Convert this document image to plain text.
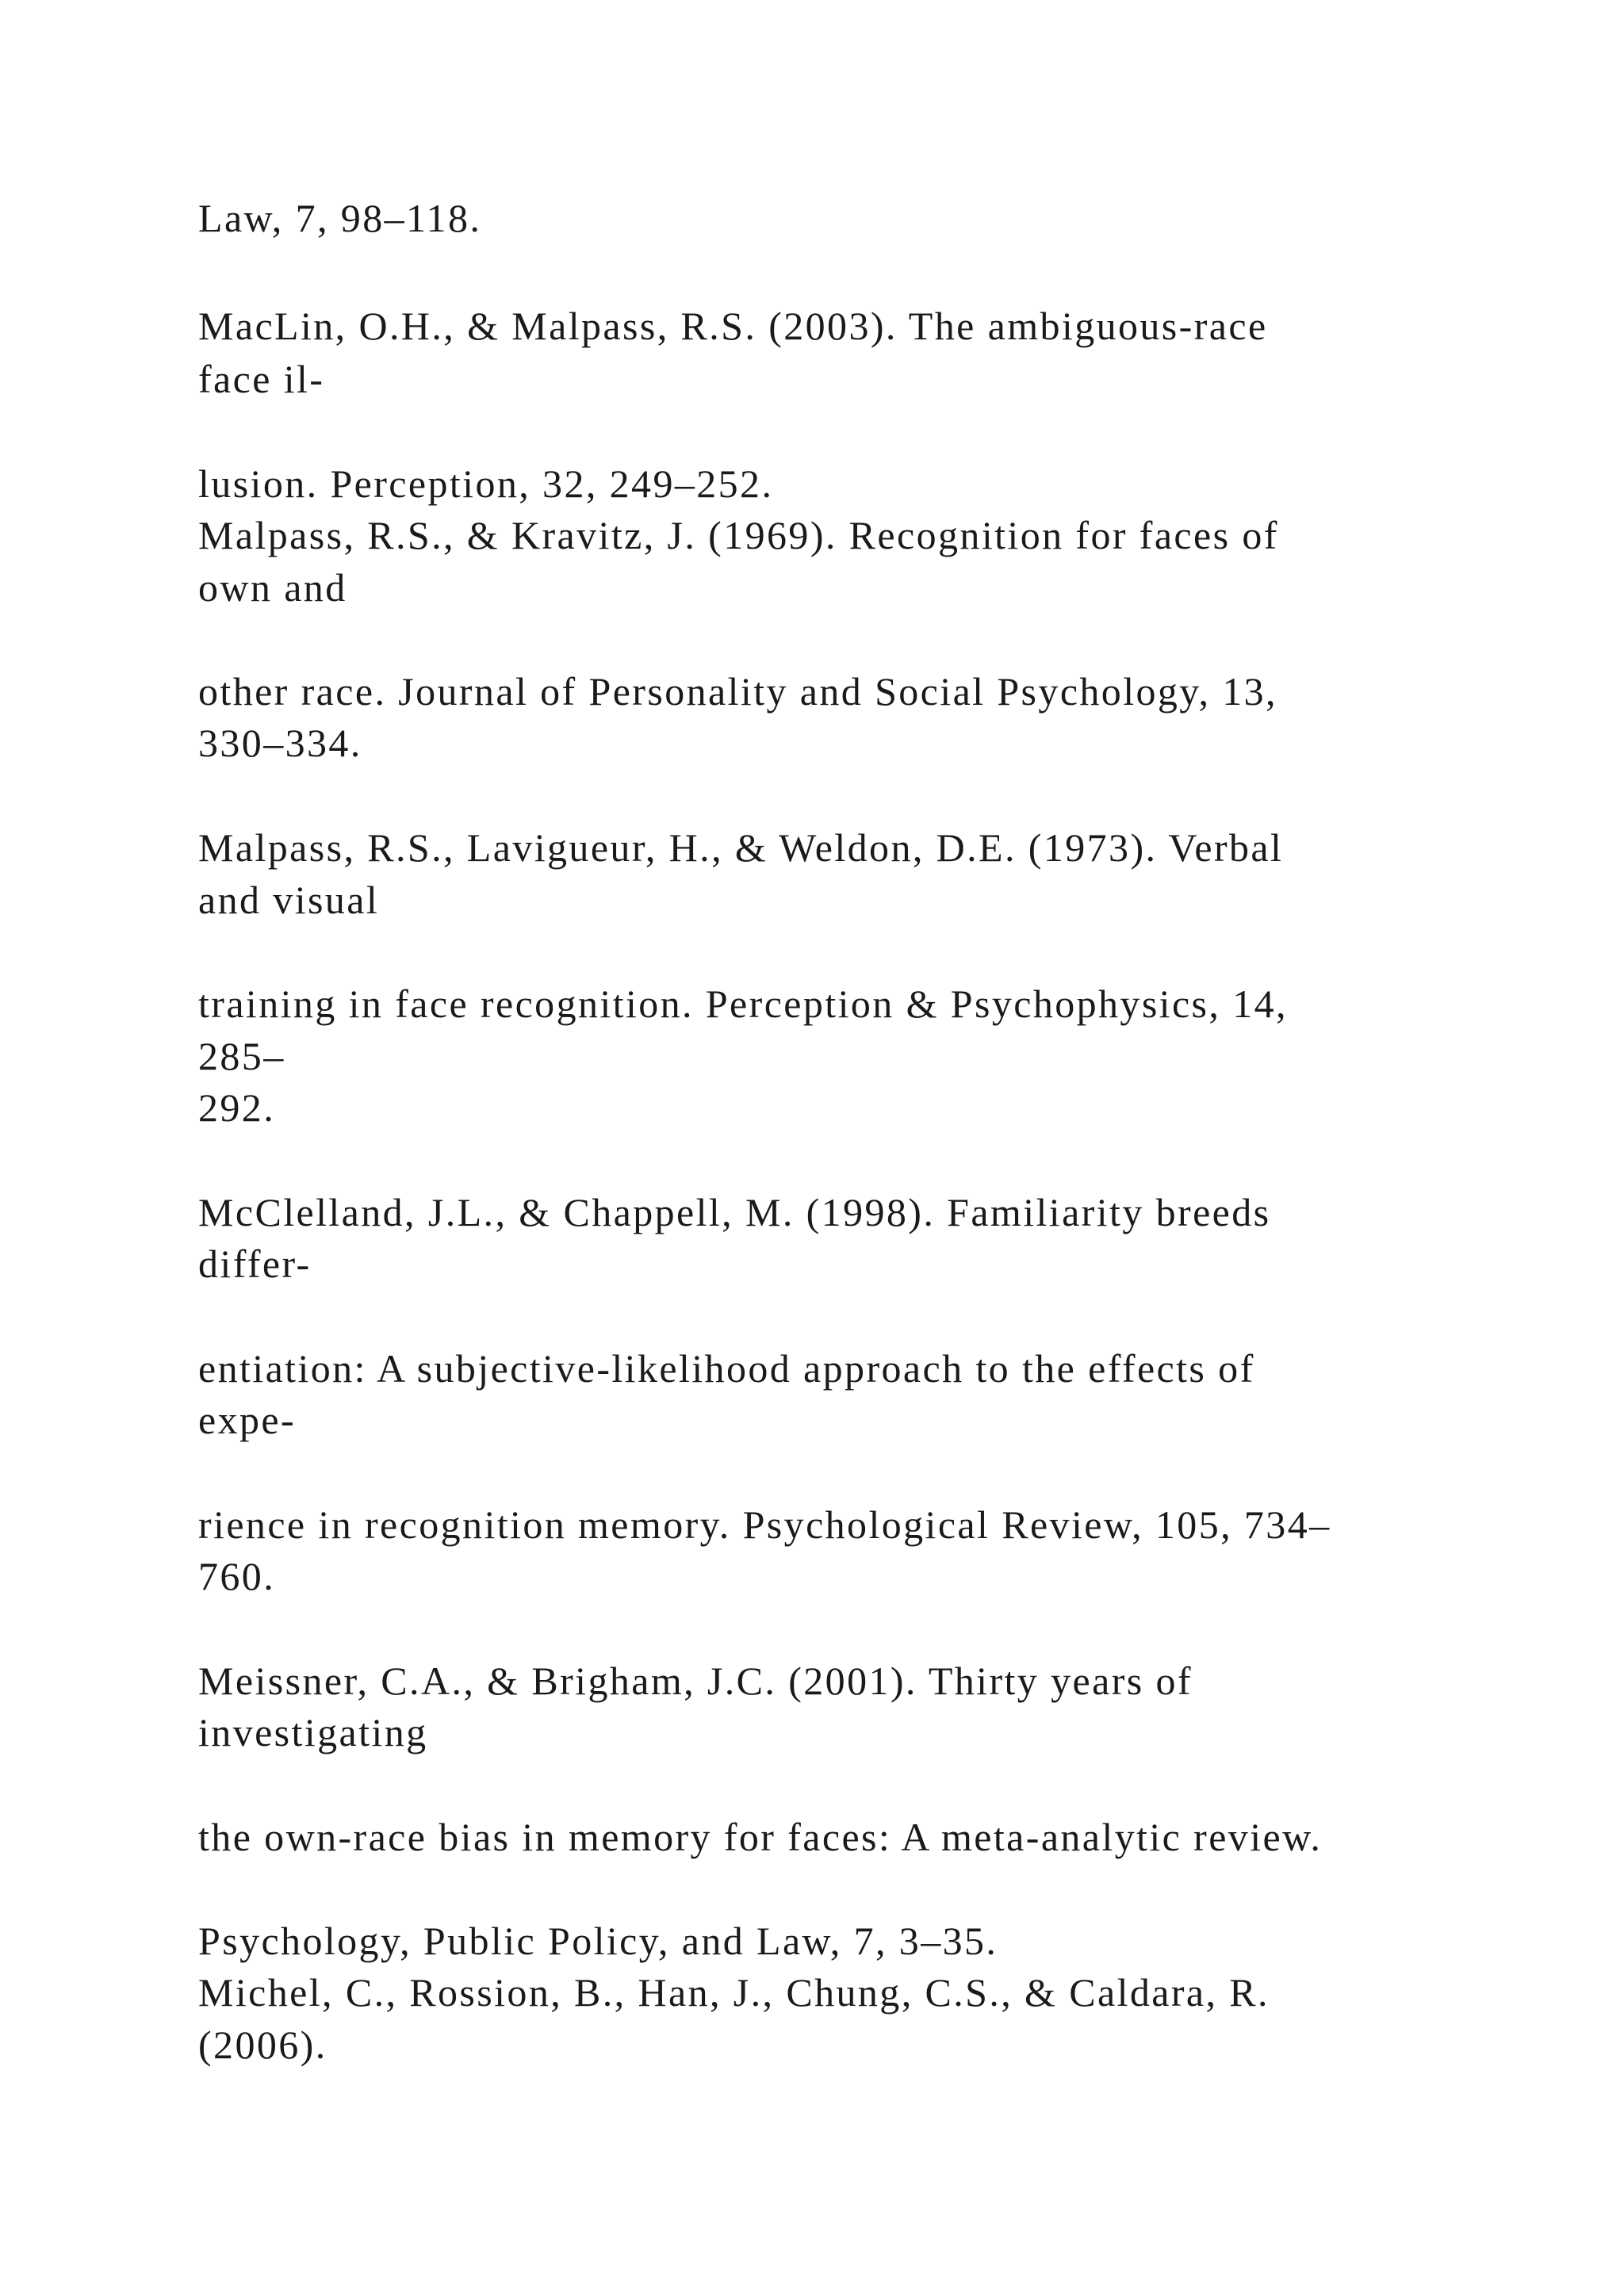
Law, 7, 98–118.

MacLin, O.H., & Malpass, R.S. (2003). The ambiguous-race

face il-

lusion. Perception, 32, 249–252.

Malpass, R.S., & Kravitz, J. (1969). Recognition for faces of

own and

other race. Journal of Personality and Social Psychology, 13,

330–334.

Malpass, R.S., Lavigueur, H., & Weldon, D.E. (1973). Verbal

and visual

training in face recognition. Perception & Psychophysics, 14,

285–

292.

McClelland, J.L., & Chappell, M. (1998). Familiarity breeds

differ-

entiation: A subjective-likelihood approach to the effects of

expe-

rience in recognition memory. Psychological Review, 105, 734–

760.

Meissner, C.A., & Brigham, J.C. (2001). Thirty years of

investigating

the own-race bias in memory for faces: A meta-analytic review.

Psychology, Public Policy, and Law, 7, 3–35.

Michel, C., Rossion, B., Han, J., Chung, C.S., & Caldara, R.

(2006).
